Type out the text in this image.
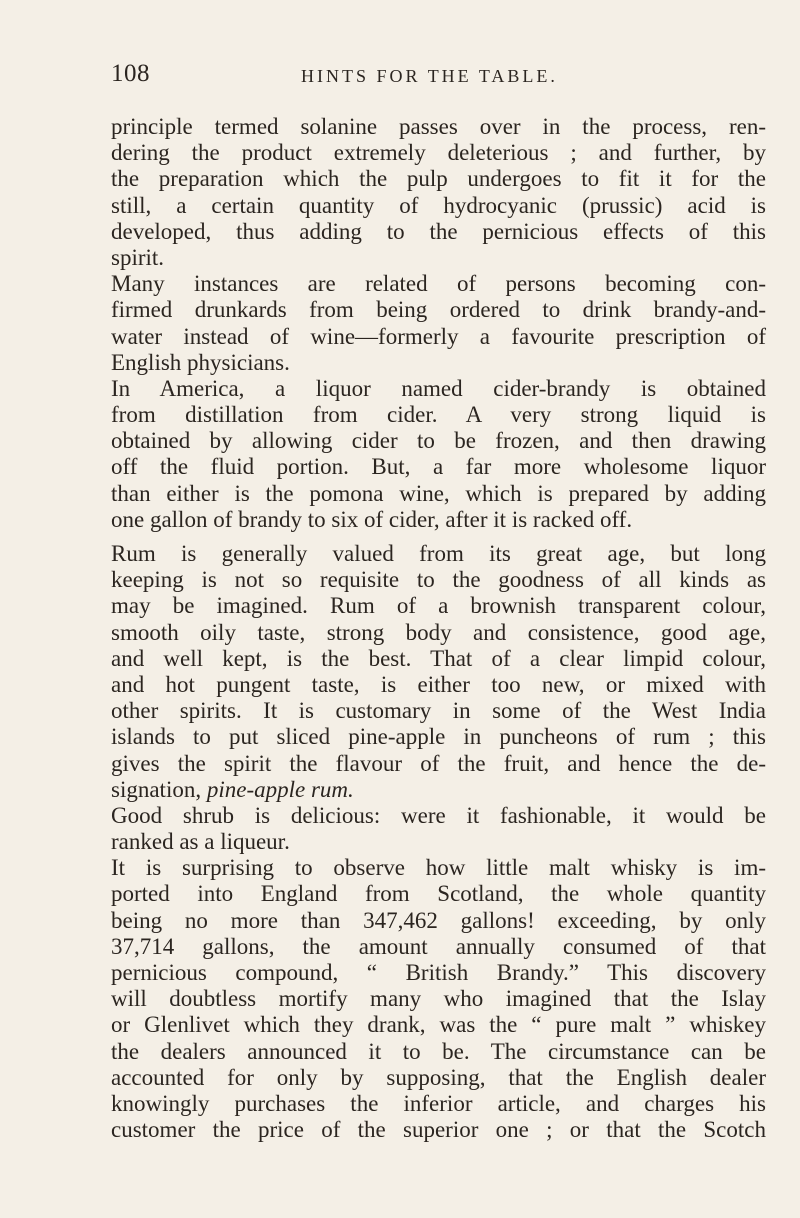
108	HINTS FOR THE TABLE.
principle termed solanine passes over in the process, ren-
dering the product extremely deleterious ; and further, by
the preparation which the pulp undergoes to fit it for the
still, a certain quantity of hydrocyanic (prussic) acid is
developed, thus adding to the pernicious effects of this
spirit.
Many instances are related of persons becoming con-
firmed drunkards from being ordered to drink brandy-and-
water instead of wine—formerly a favourite prescription of
English physicians.
In America, a liquor named cider-brandy is obtained
from distillation from cider. A very strong liquid is
obtained by allowing cider to be frozen, and then drawing
off the fluid portion. But, a far more wholesome liquor
than either is the pomona wine, which is prepared by adding
one gallon of brandy to six of cider, after it is racked off.
Rum is generally valued from its great age, but long
keeping is not so requisite to the goodness of all kinds as
may be imagined. Rum of a brownish transparent colour,
smooth oily taste, strong body and consistence, good age,
and well kept, is the best. That of a clear limpid colour,
and hot pungent taste, is either too new, or mixed with
other spirits. It is customary in some of the West India
islands to put sliced pine-apple in puncheons of rum ; this
gives the spirit the flavour of the fruit, and hence the de-
signation, pine-apple rum.
Good shrub is delicious: were it fashionable, it would be
ranked as a liqueur.
It is surprising to observe how little malt whisky is im-
ported into England from Scotland, the whole quantity
being no more than 347,462 gallons! exceeding, by only
37,714 gallons, the amount annually consumed of that
pernicious compound, “ British Brandy.” This discovery
will doubtless mortify many who imagined that the Islay
or Glenlivet which they drank, was the “ pure malt ” whiskey
the dealers announced it to be. The circumstance can be
accounted for only by supposing, that the English dealer
knowingly purchases the inferior article, and charges his
customer the price of the superior one ; or that the Scotch
